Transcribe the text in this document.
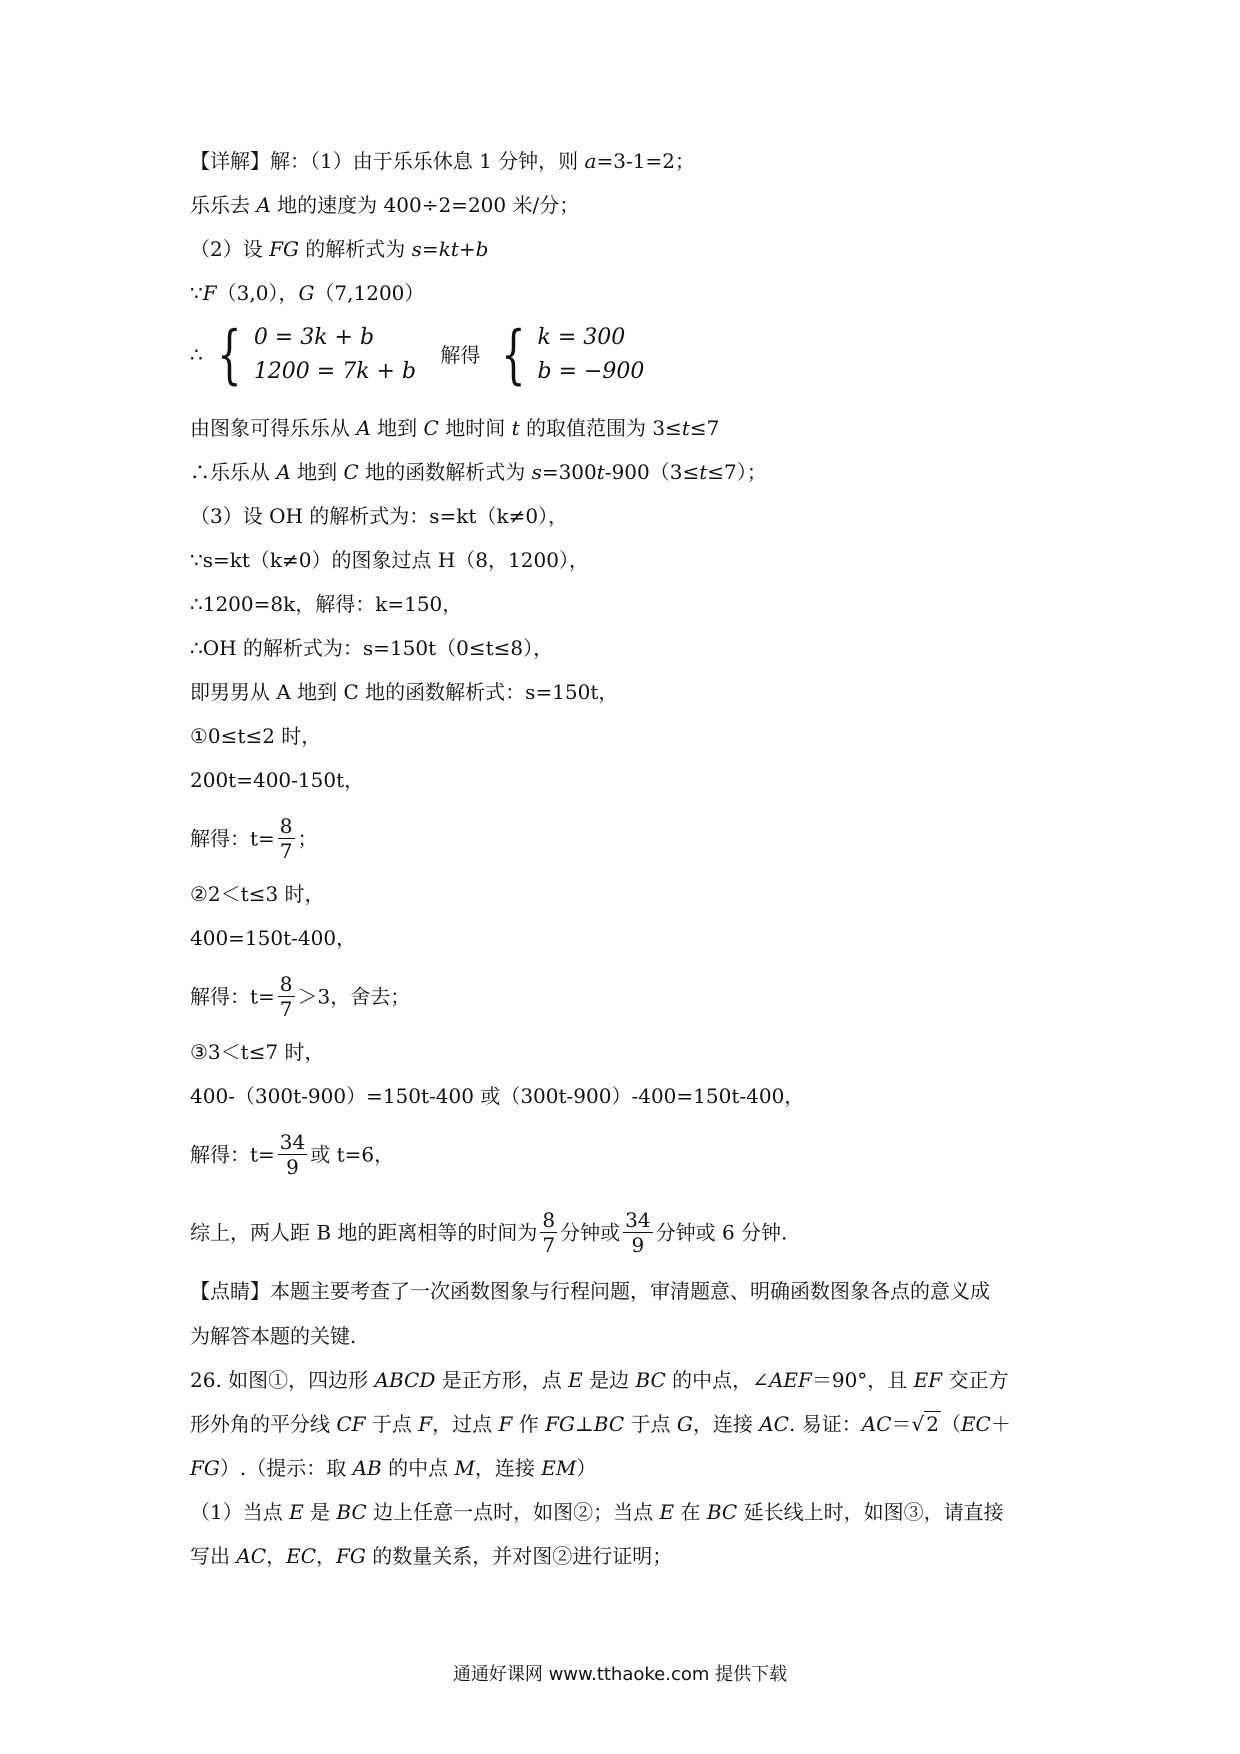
【详解】解：（1）由于乐乐休息 1 分钟，则 a=3-1=2；
乐乐去 A 地的速度为 400÷2=200 米/分；
（2）设 FG 的解析式为 s=kt+b
∵F（3,0），G（7,1200）
∴ { 0 = 3k + b
1200 = 7k + b
解得 { k = 300
b = −900
由图象可得乐乐从 A 地到 C 地时间 t 的取值范围为 3≤t≤7
∴乐乐从 A 地到 C 地的函数解析式为 s=300t-900（3≤t≤7）；
（3）设 OH 的解析式为：s=kt（k≠0），
∵s=kt（k≠0）的图象过点 H（8，1200），
∴1200=8k，解得：k=150，
∴OH 的解析式为：s=150t（0≤t≤8），
即男男从 A 地到 C 地的函数解析式：s=150t，
①0≤t≤2 时，
200t=400-150t，
解得：$t= \frac{8}{7}$ ；
②2＜t≤3 时，
400=150t-400，
解得：$t= \frac{8}{7} >3$，舍去；
③3＜t≤7 时，
400-（300t-900）=150t-400 或（300t-900）-400=150t-400，
解得：$t= \frac{34}{9}$ 或 t=6，
综上，两人距 B 地的距离相等的时间为 $\frac{8}{7}$ 分钟或 $\frac{34}{9}$ 分钟或 6 分钟.
【点睛】本题主要考查了一次函数图象与行程问题，审清题意、明确函数图象各点的意义成
为解答本题的关键.
26. 如图①，四边形 ABCD 是正方形，点 E 是边 BC 的中点，∠AEF＝90°，且 EF 交正方
形外角的平分线 CF 于点 F，过点 F 作 FG⊥BC 于点 G，连接 AC. 易证：AC＝√ 2 （EC＋
FG）.（提示：取 AB 的中点 M，连接 EM）
（1）当点 E 是 BC 边上任意一点时，如图②；当点 E 在 BC 延长线上时，如图③，请直接
写出 AC，EC，FG 的数量关系，并对图②进行证明；
通通好课网 www.tthaoke.com 提供下载
